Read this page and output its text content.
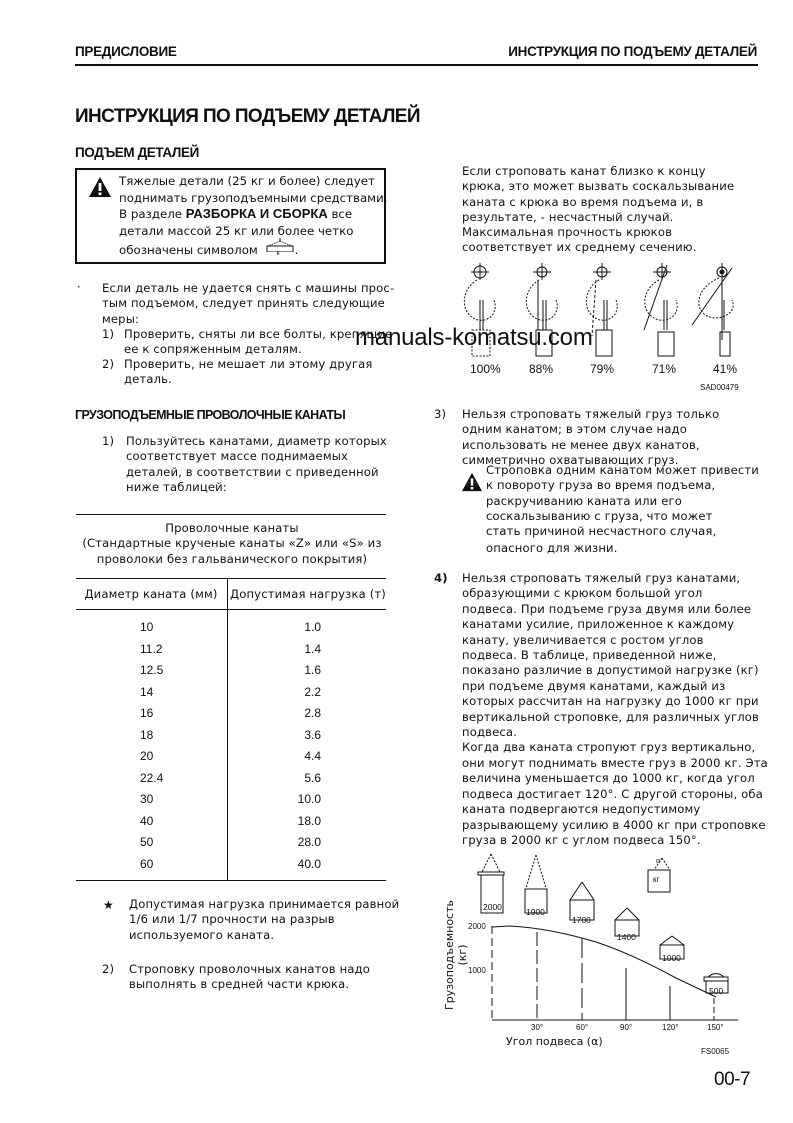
ПРЕДИСЛОВИЕ	ИНСТРУКЦИЯ ПО ПОДЪЕМУ ДЕТАЛЕЙ
ИНСТРУКЦИЯ ПО ПОДЪЕМУ ДЕТАЛЕЙ
ПОДЪЕМ ДЕТАЛЕЙ
Тяжелые детали (25 кг и более) следует
поднимать грузоподъемными средствами.
В разделе РАЗБОРКА И СБОРКА все
детали массой 25 кг или более четко
обозначены символом	к .
· Если деталь не удается снять с машины прос-
тым подъемом, следует принять следующие
меры:
1) Проверить, сняты ли все болты, крепящие
ее к сопряженным деталям.
2) Проверить, не мешает ли этому другая
деталь.
ГРУЗОПОДЪЕМНЫЕ ПРОВОЛОЧНЫЕ КАНАТЫ
1) Пользуйтесь канатами, диаметр которых
соответствует массе поднимаемых
деталей, в соответствии с приведенной
ниже таблицей:
Проволочные канаты
(Стандартные крученые канаты «Z» или «S» из
проволоки без гальванического покрытия)
Диаметр каната (мм)	Допустимая нагрузка (т)
10	1.0
11.2	1.4
12.5	1.6
14	2.2
16	2.8
18	3.6
20	4.4
22.4	5.6
30	10.0
40	18.0
50	28.0
60	40.0
★ Допустимая нагрузка принимается равной
1/6 или 1/7 прочности на разрыв
используемого каната.
2) Строповку проволочных канатов надо
выполнять в средней части крюка.
Если строповать канат близко к концу
крюка, это может вызвать соскальзывание
каната с крюка во время подъема и, в
результате, - несчастный случай.
Максимальная прочность крюков
соответствует их среднему сечению.
100% 88%	79%	71%	41%
SAD00479
manuals-komatsu.com
3) Нельзя строповать тяжелый груз только
одним канатом; в этом случае надо
использовать не менее двух канатов,
симметрично охватывающих груз.
Строповка одним канатом может привести
к повороту груза во время подъема,
раскручиванию каната или его
соскальзыванию с груза, что может
стать причиной несчастного случая,
опасного для жизни.
4) Нельзя строповать тяжелый груз канатами,
образующими с крюком большой угол
подвеса. При подъеме груза двумя или более
канатами усилие, приложенное к каждому
канату, увеличивается с ростом углов
подвеса. В таблице, приведенной ниже,
показано различие в допустимой нагрузке (кг)
при подъеме двумя канатами, каждый из
которых рассчитан на нагрузку до 1000 кг при
вертикальной строповке, для различных углов
подвеса.
Когда два каната стропуют груз вертикально,
они могут поднимать вместе груз в 2000 кг. Эта
величина уменьшается до 1000 кг, когда угол
подвеса достигает 120°. С другой стороны, оба
каната подвергаются недопустимому
разрывающему усилию в 4000 кг при строповке
груза в 2000 кг с углом подвеса 150°.
2000	1900
1700
1400
1000
500
α
кг
2000
1000
30°	60°	90°	120°	150°
Угол подвеса (α)
Грузоподъемность (кг)
FS0065
00-7
